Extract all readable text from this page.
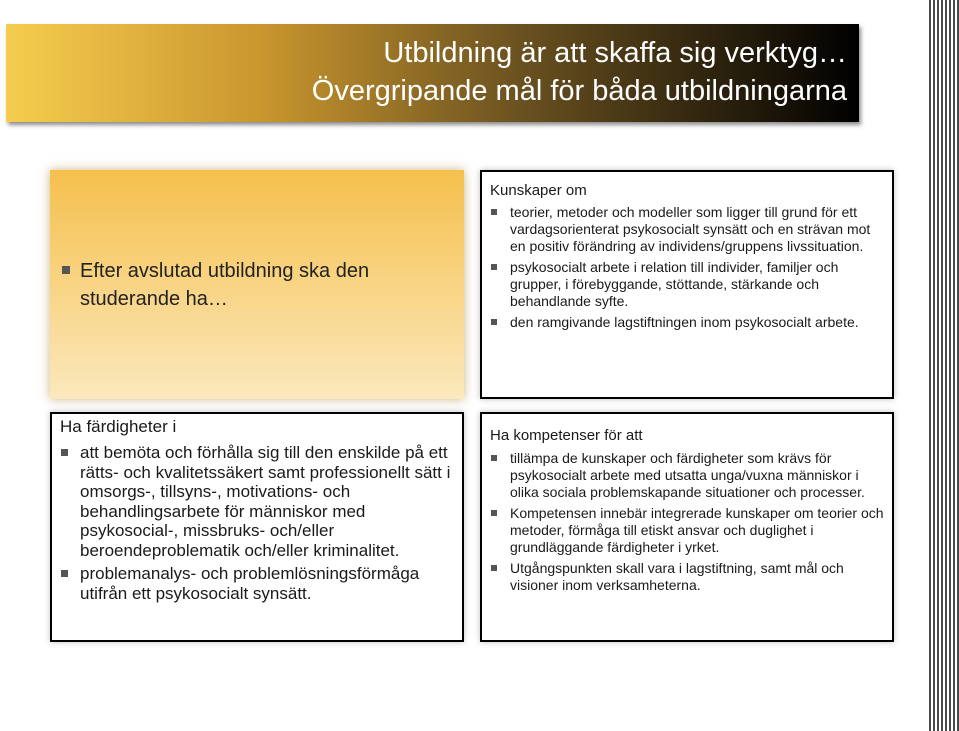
Utbildning är att skaffa sig verktyg…
Övergripande mål för båda utbildningarna
Efter avslutad utbildning ska den studerande ha…
Kunskaper om
teorier, metoder och modeller som ligger till grund för ett vardagsorienterat psykosocialt synsätt och en strävan mot en positiv förändring av individens/gruppens livssituation.
psykosocialt arbete i relation till individer, familjer och grupper, i förebyggande, stöttande, stärkande och behandlande syfte.
den ramgivande lagstiftningen inom psykosocialt arbete.
Ha färdigheter i
att bemöta och förhålla sig till den enskilde på ett rätts- och kvalitetssäkert samt professionellt sätt i omsorgs-, tillsyns-, motivations- och behandlingsarbete för människor med psykosocial-, missbruks- och/eller beroendeproblematik och/eller kriminalitet.
problemanalys- och problemlösningsförmåga utifrån ett psykosocialt synsätt.
Ha kompetenser för att
tillämpa de kunskaper och färdigheter som krävs för psykosocialt arbete med utsatta unga/vuxna människor i olika sociala problemskapande situationer och processer.
Kompetensen innebär integrerade kunskaper om teorier och metoder, förmåga till etiskt ansvar och duglighet i grundläggande färdigheter i yrket.
Utgångspunkten skall vara i lagstiftning, samt mål och visioner inom verksamheterna.
